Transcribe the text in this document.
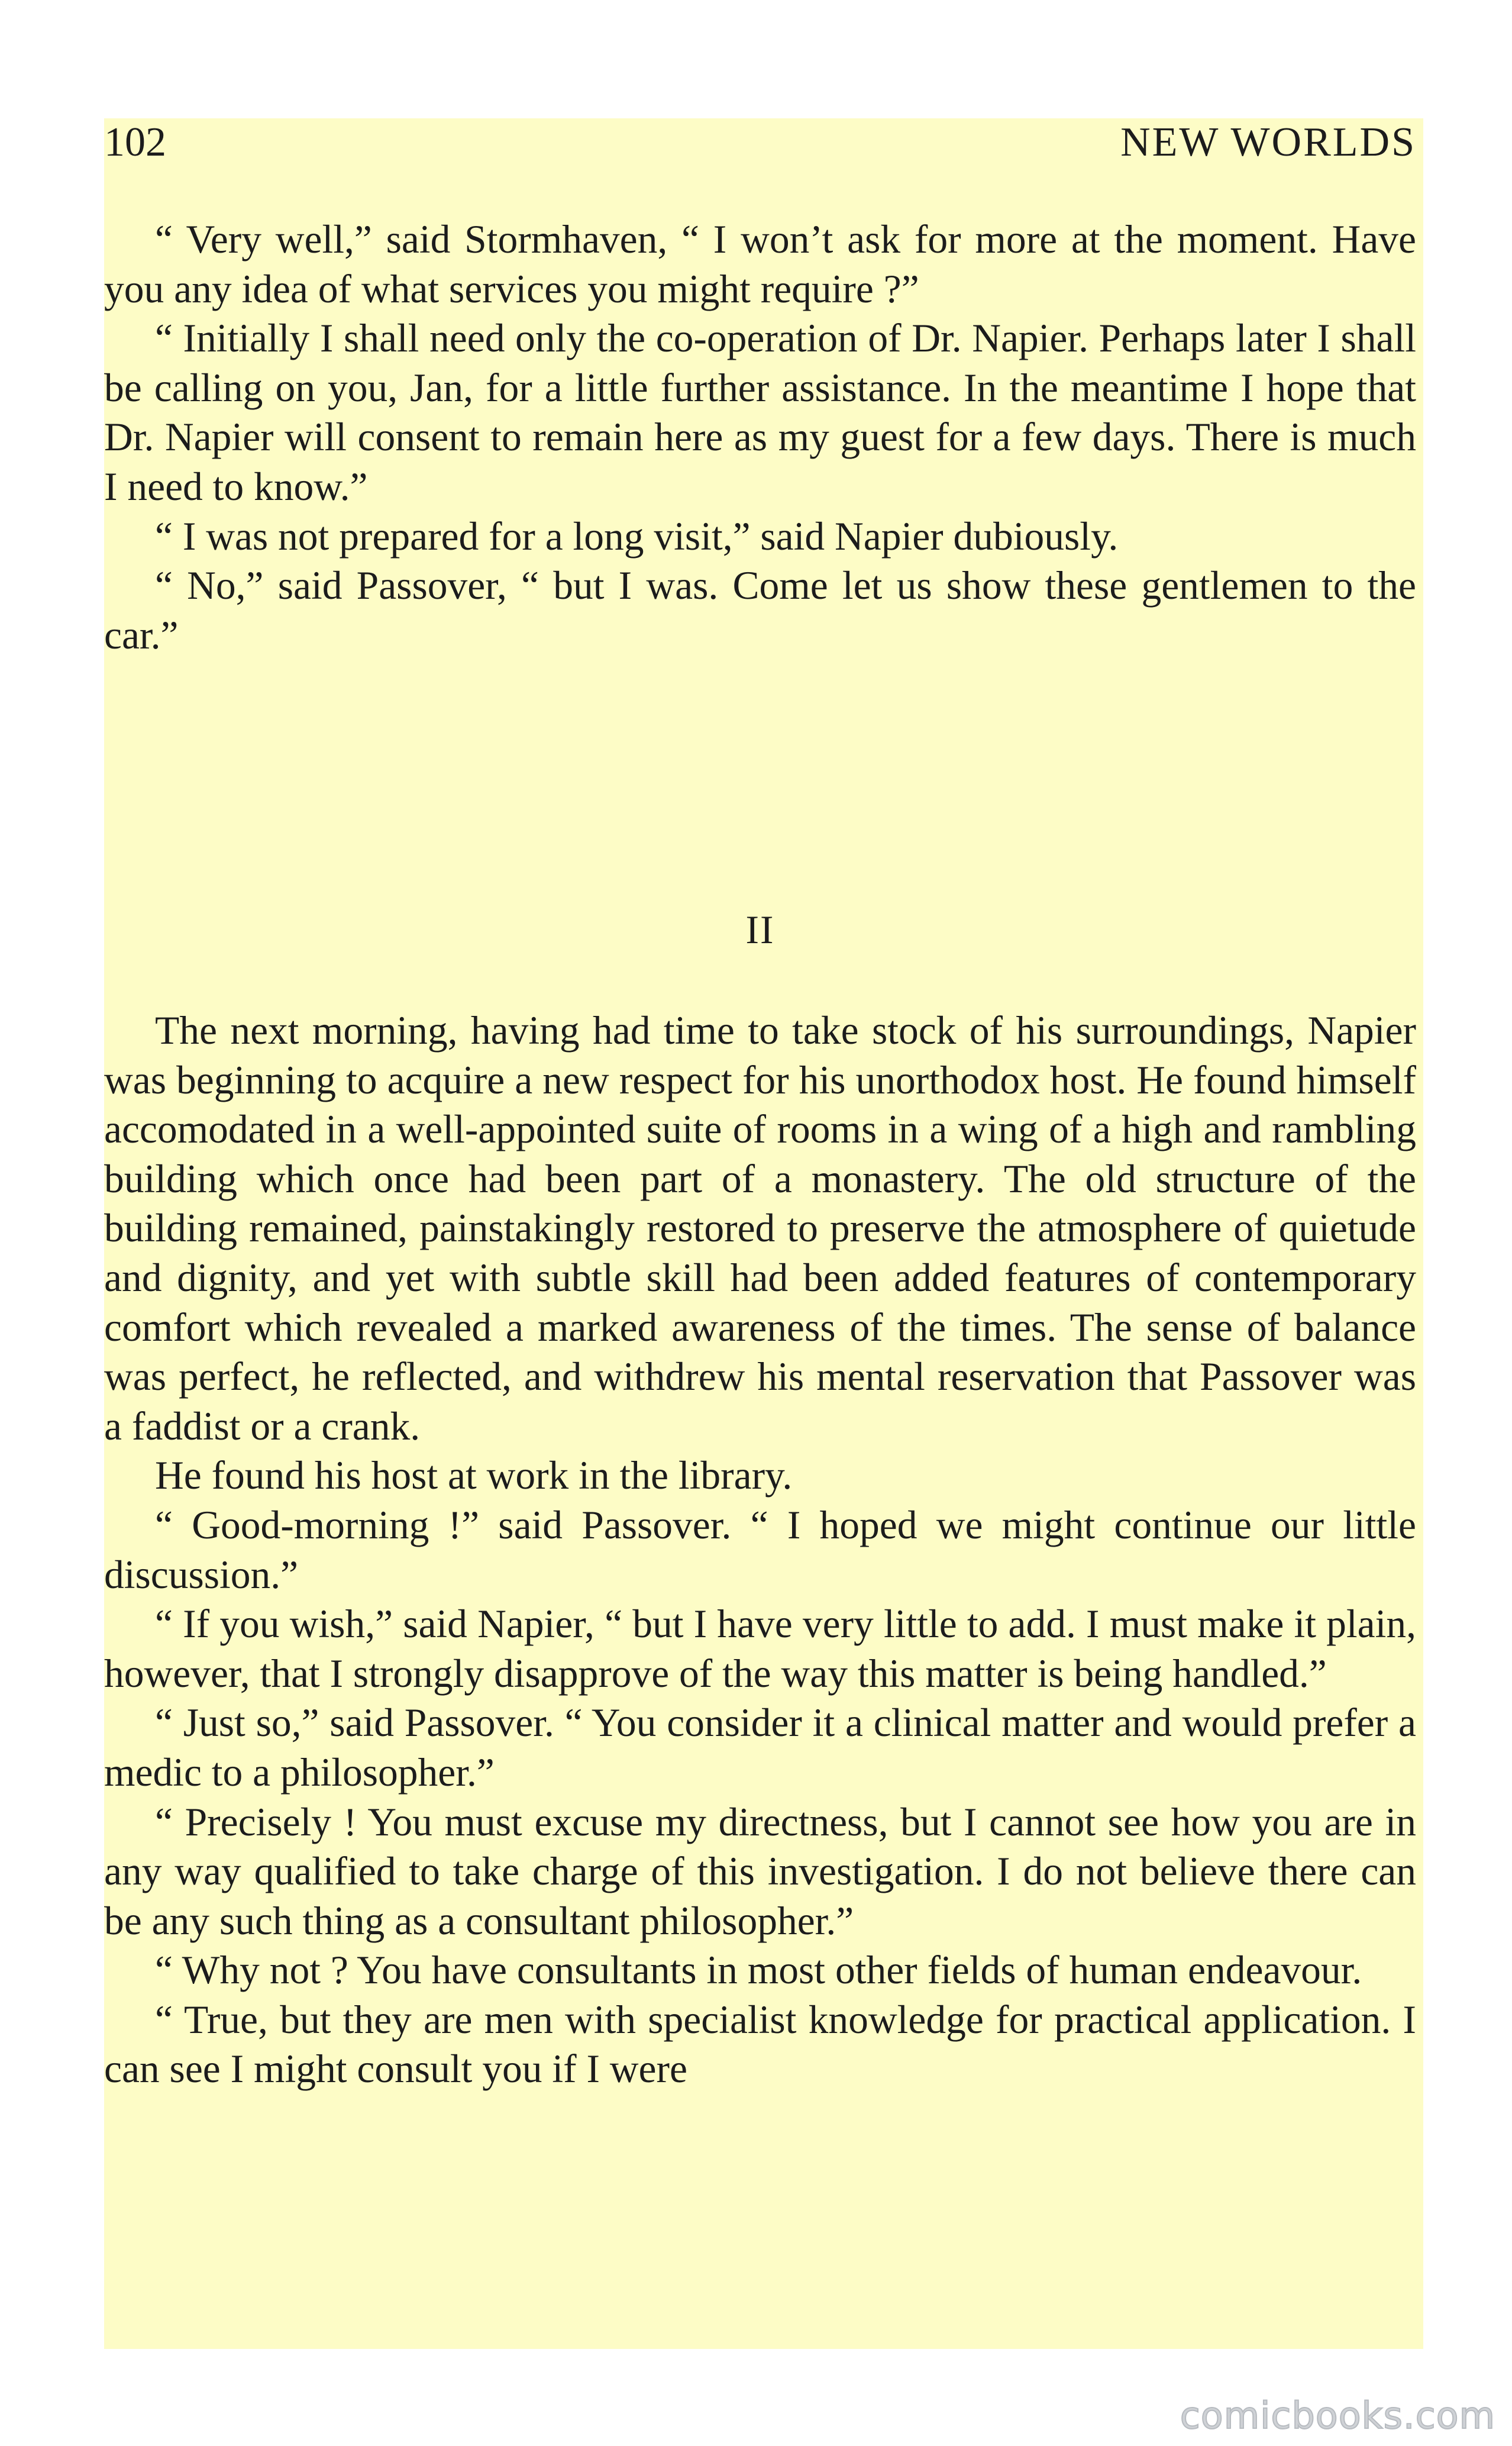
102	NEW WORLDS

“ Very well,” said Stormhaven, “ I won’t ask for more at the moment. Have you any idea of what services you might require ?”

“ Initially I shall need only the co-operation of Dr. Napier. Perhaps later I shall be calling on you, Jan, for a little further assistance. In the meantime I hope that Dr. Napier will consent to remain here as my guest for a few days. There is much I need to know.”

“ I was not prepared for a long visit,” said Napier dubiously.

“ No,” said Passover, “ but I was. Come let us show these gentlemen to the car.”

II

The next morning, having had time to take stock of his surroundings, Napier was beginning to acquire a new respect for his unorthodox host. He found himself accomodated in a well-appointed suite of rooms in a wing of a high and rambling building which once had been part of a monastery. The old structure of the building remained, painstakingly restored to preserve the atmosphere of quietude and dignity, and yet with subtle skill had been added features of contemporary comfort which revealed a marked awareness of the times. The sense of balance was perfect, he reflected, and withdrew his mental reservation that Passover was a faddist or a crank.

He found his host at work in the library.

“ Good-morning !” said Passover. “ I hoped we might continue our little discussion.”

“ If you wish,” said Napier, “ but I have very little to add. I must make it plain, however, that I strongly disapprove of the way this matter is being handled.”

“ Just so,” said Passover. “ You consider it a clinical matter and would prefer a medic to a philosopher.”

“ Precisely ! You must excuse my directness, but I cannot see how you are in any way qualified to take charge of this investigation. I do not believe there can be any such thing as a consultant philosopher.”

“ Why not ? You have consultants in most other fields of human endeavour.

“ True, but they are men with specialist knowledge for practical application. I can see I might consult you if I were

comicbooks.com
